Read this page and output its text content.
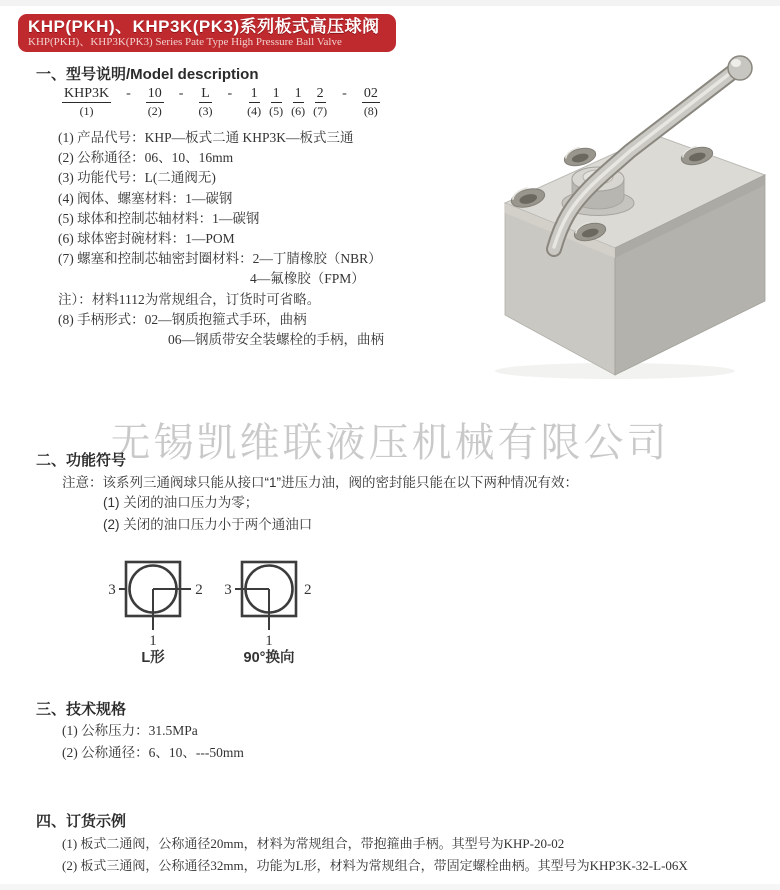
KHP(PKH)、KHP3K(PK3)系列板式高压球阀
KHP(PKH)、KHP3K(PK3) Series Pate Type High Pressure Ball Valve
无锡凯维联液压机械有限公司
一、型号说明/Model description
KHP3K
(1)
- 10
(2)
- L
(3)
- 1
(4)
1
(5)
1
(6)
2
(7)
- 02
(8)
(1) 产品代号：KHP—板式二通 KHP3K—板式三通
(2) 公称通径：06、10、16mm
(3) 功能代号：L(二通阀无)
(4) 阀体、螺塞材料：1—碳钢
(5) 球体和控制芯轴材料：1—碳钢
(6) 球体密封碗材料：1—POM
(7) 螺塞和控制芯轴密封圈材料：2—丁腈橡胶（NBR）
4—氟橡胶（FPM）
注）：材料1112为常规组合，订货时可省略。
(8) 手柄形式：02—钢质抱箍式手环，曲柄
06—钢质带安全装螺栓的手柄，曲柄
二、功能符号
注意：该系列三通阀球只能从接口“1”进压力油，阀的密封能只能在以下两种情况有效：
(1) 关闭的油口压力为零；
(2) 关闭的油口压力小于两个通油口
3	2
1
L形
3	2
1
90°换向
三、技术规格
(1) 公称压力：31.5MPa
(2) 公称通径：6、10、---50mm
四、订货示例
(1) 板式二通阀，公称通径20mm，材料为常规组合，带抱箍曲手柄。其型号为KHP-20-02
(2) 板式三通阀，公称通径32mm，功能为L形，材料为常规组合，带固定螺栓曲柄。其型号为KHP3K-32-L-06X
